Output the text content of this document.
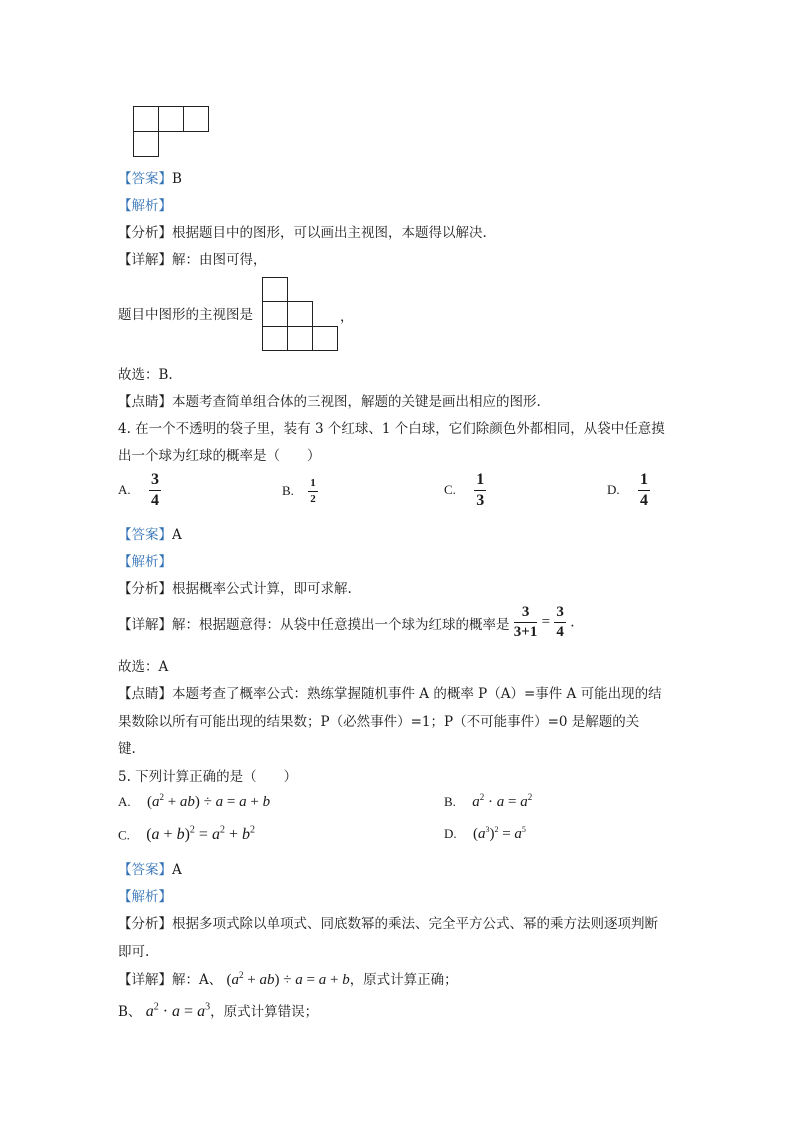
【答案】B
【解析】
【分析】根据题目中的图形，可以画出主视图，本题得以解决.
【详解】解：由图可得，
题目中图形的主视图是	，
故选：B.
【点睛】本题考查简单组合体的三视图，解题的关键是画出相应的图形.
4. 在一个不透明的袋子里，装有 3 个红球、1 个白球，它们除颜色外都相同，从袋中任意摸
出一个球为红球的概率是（　　）
A. $\frac{3}{4}$	B. $\frac{1}{2}$	C. $\frac{1}{3}$	D. $\frac{1}{4}$
【答案】A
【解析】
【分析】根据概率公式计算，即可求解.
【详解】解：根据题意得：从袋中任意摸出一个球为红球的概率是 $\frac{3}{3+1} = \frac{3}{4}$ .
故选：A
【点睛】本题考查了概率公式：熟练掌握随机事件 A 的概率 P（A）=事件 A 可能出现的结
果数除以所有可能出现的结果数；P（必然事件）=1；P（不可能事件）=0 是解题的关
键.
5. 下列计算正确的是（　　）
A. $(a^2 + ab) \div a = a + b$	B. $a^2 \cdot a = a^2$
C. $(a + b)^2 = a^2 + b^2$	D. $(a^3)^2 = a^5$
【答案】A
【解析】
【分析】根据多项式除以单项式、同底数幂的乘法、完全平方公式、幂的乘方法则逐项判断
即可.
【详解】解：A、 $(a^2 + ab) \div a = a + b$，原式计算正确；
B、 $a^2 \cdot a = a^3$，原式计算错误；
